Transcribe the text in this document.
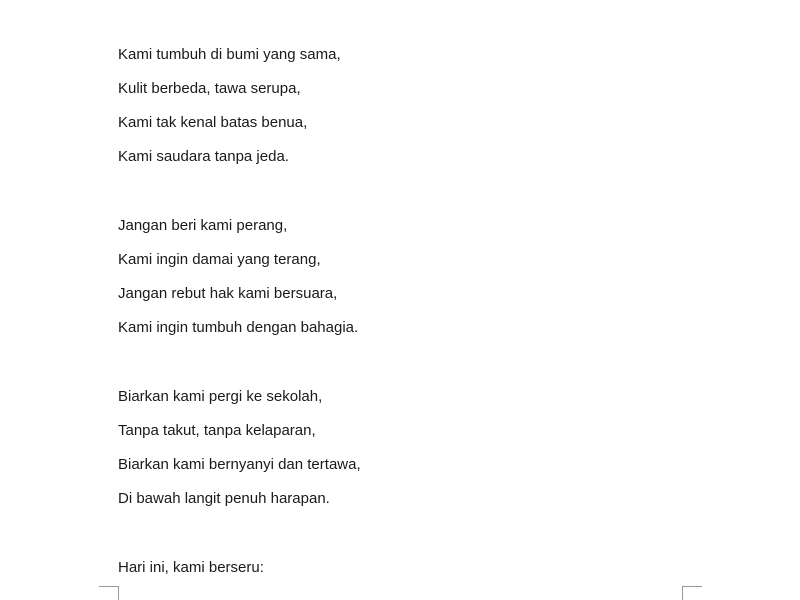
Kami tumbuh di bumi yang sama,
Kulit berbeda, tawa serupa,
Kami tak kenal batas benua,
Kami saudara tanpa jeda.
Jangan beri kami perang,
Kami ingin damai yang terang,
Jangan rebut hak kami bersuara,
Kami ingin tumbuh dengan bahagia.
Biarkan kami pergi ke sekolah,
Tanpa takut, tanpa kelaparan,
Biarkan kami bernyanyi dan tertawa,
Di bawah langit penuh harapan.
Hari ini, kami berseru:
